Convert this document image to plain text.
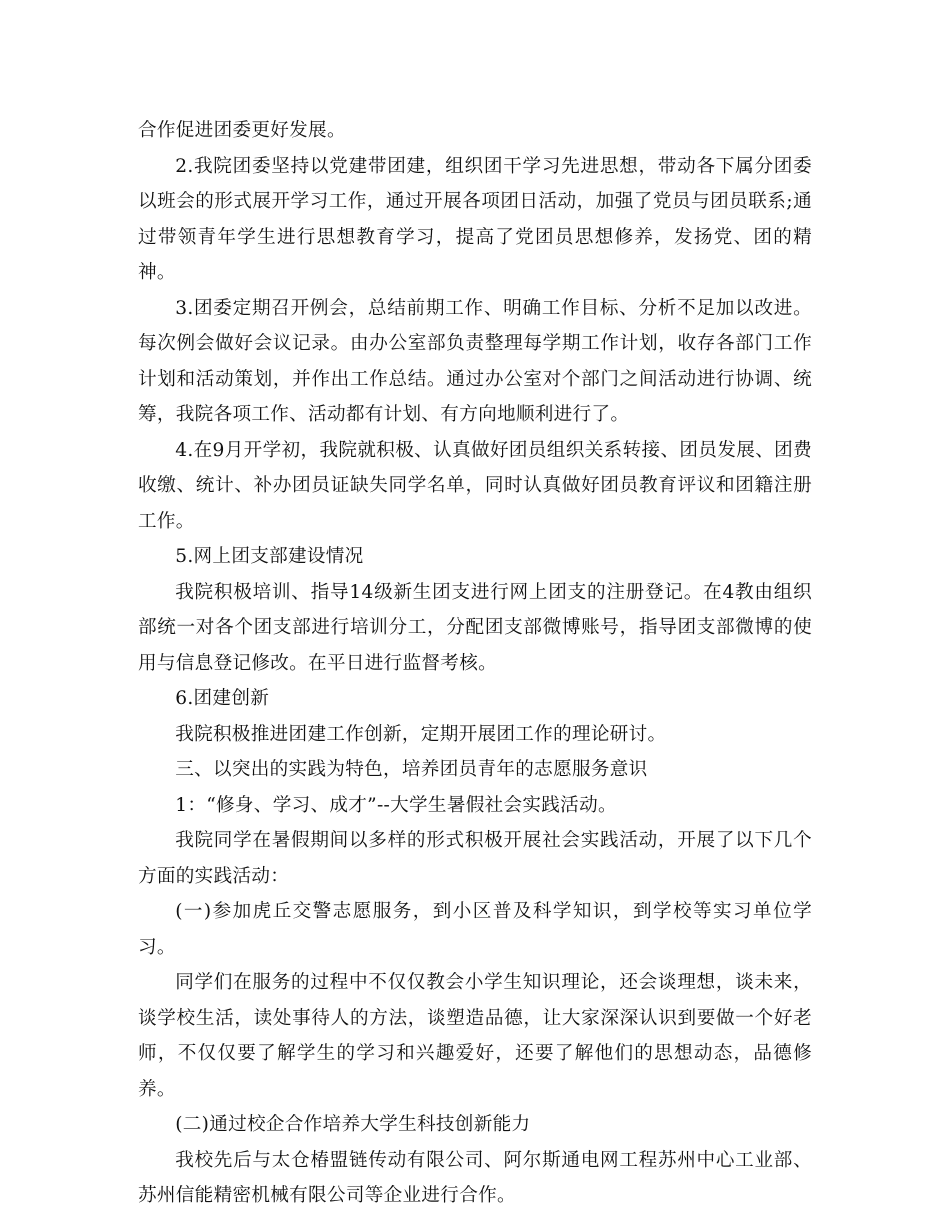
合作促进团委更好发展。

2.我院团委坚持以党建带团建，组织团干学习先进思想，带动各下属分团委以班会的形式展开学习工作，通过开展各项团日活动，加强了党员与团员联系;通过带领青年学生进行思想教育学习，提高了党团员思想修养，发扬党、团的精神。

3.团委定期召开例会，总结前期工作、明确工作目标、分析不足加以改进。每次例会做好会议记录。由办公室部负责整理每学期工作计划，收存各部门工作计划和活动策划，并作出工作总结。通过办公室对个部门之间活动进行协调、统筹，我院各项工作、活动都有计划、有方向地顺利进行了。

4.在9月开学初，我院就积极、认真做好团员组织关系转接、团员发展、团费收缴、统计、补办团员证缺失同学名单，同时认真做好团员教育评议和团籍注册工作。

5.网上团支部建设情况

我院积极培训、指导14级新生团支进行网上团支的注册登记。在4教由组织部统一对各个团支部进行培训分工，分配团支部微博账号，指导团支部微博的使用与信息登记修改。在平日进行监督考核。

6.团建创新

我院积极推进团建工作创新，定期开展团工作的理论研讨。

三、以突出的实践为特色，培养团员青年的志愿服务意识

1：“修身、学习、成才”--大学生暑假社会实践活动。

我院同学在暑假期间以多样的形式积极开展社会实践活动，开展了以下几个方面的实践活动：

(一)参加虎丘交警志愿服务，到小区普及科学知识，到学校等实习单位学习。

同学们在服务的过程中不仅仅教会小学生知识理论，还会谈理想，谈未来，谈学校生活，读处事待人的方法，谈塑造品德，让大家深深认识到要做一个好老师，不仅仅要了解学生的学习和兴趣爱好，还要了解他们的思想动态，品德修养。

(二)通过校企合作培养大学生科技创新能力

我校先后与太仓椿盟链传动有限公司、阿尔斯通电网工程苏州中心工业部、苏州信能精密机械有限公司等企业进行合作。
